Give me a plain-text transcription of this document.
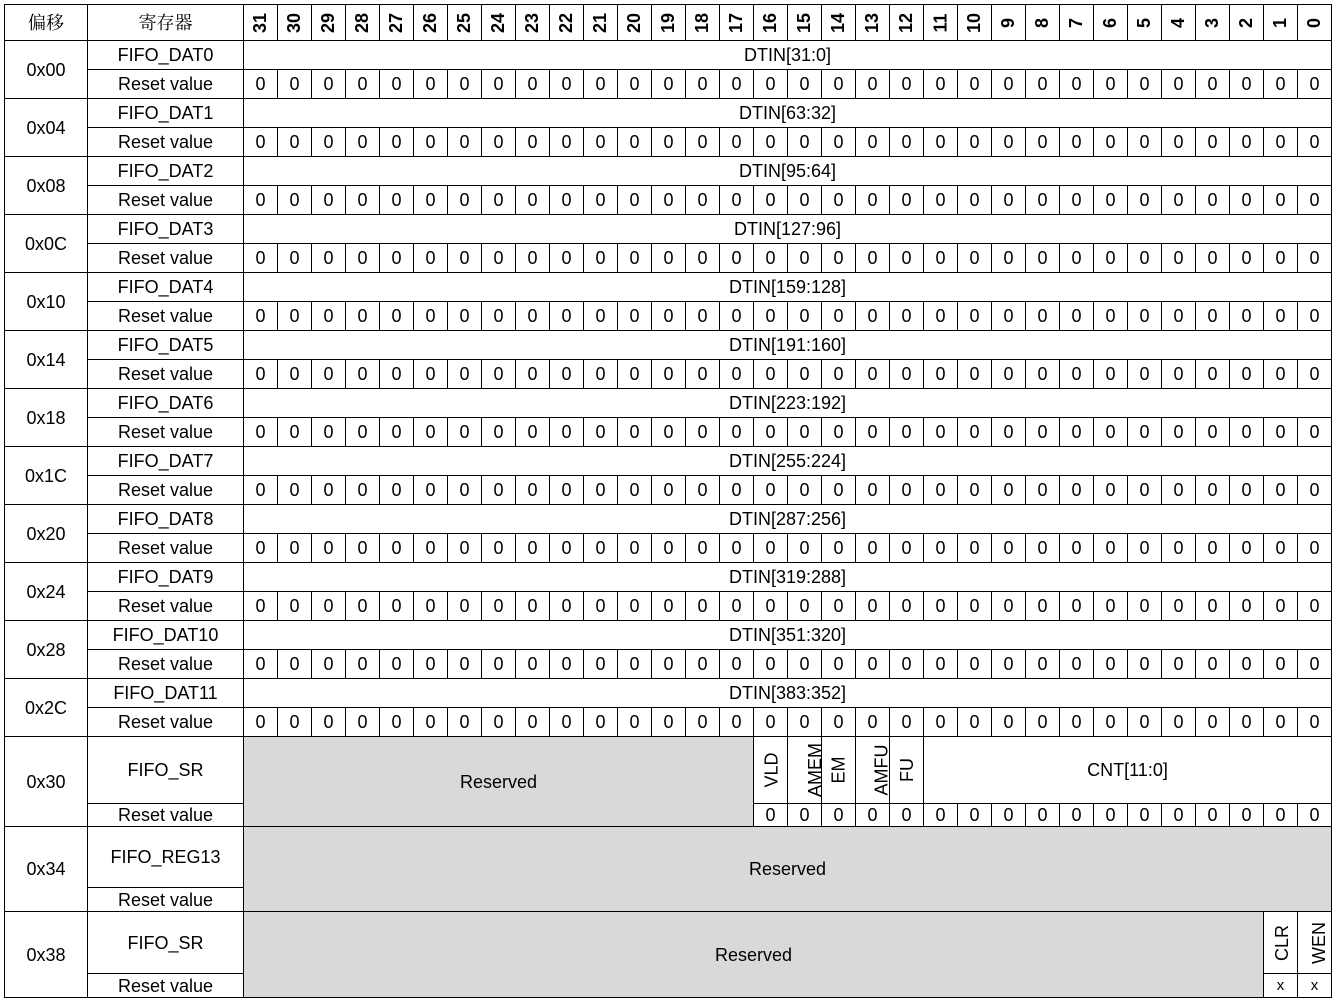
偏移	寄存器	31	30	29	28	27	26	25	24	23	22	21	20	19	18	17	16	15	14	13	12	11	10	9	8	7	6	5	4	3	2	1	0
0x00	FIFO_DAT0	DTIN[31:0]																															
	Reset value	0	0	0	0	0	0	0	0	0	0	0	0	0	0	0	0	0	0	0	0	0	0	0	0	0	0	0	0	0	0	0	0
0x04	FIFO_DAT1	DTIN[63:32]																															
	Reset value	0	0	0	0	0	0	0	0	0	0	0	0	0	0	0	0	0	0	0	0	0	0	0	0	0	0	0	0	0	0	0	0
0x08	FIFO_DAT2	DTIN[95:64]																															
	Reset value	0	0	0	0	0	0	0	0	0	0	0	0	0	0	0	0	0	0	0	0	0	0	0	0	0	0	0	0	0	0	0	0
0x0C	FIFO_DAT3	DTIN[127:96]																															
	Reset value	0	0	0	0	0	0	0	0	0	0	0	0	0	0	0	0	0	0	0	0	0	0	0	0	0	0	0	0	0	0	0	0
0x10	FIFO_DAT4	DTIN[159:128]																															
	Reset value	0	0	0	0	0	0	0	0	0	0	0	0	0	0	0	0	0	0	0	0	0	0	0	0	0	0	0	0	0	0	0	0
0x14	FIFO_DAT5	DTIN[191:160]																															
	Reset value	0	0	0	0	0	0	0	0	0	0	0	0	0	0	0	0	0	0	0	0	0	0	0	0	0	0	0	0	0	0	0	0
0x18	FIFO_DAT6	DTIN[223:192]																															
	Reset value	0	0	0	0	0	0	0	0	0	0	0	0	0	0	0	0	0	0	0	0	0	0	0	0	0	0	0	0	0	0	0	0
0x1C	FIFO_DAT7	DTIN[255:224]																															
	Reset value	0	0	0	0	0	0	0	0	0	0	0	0	0	0	0	0	0	0	0	0	0	0	0	0	0	0	0	0	0	0	0	0
0x20	FIFO_DAT8	DTIN[287:256]																															
	Reset value	0	0	0	0	0	0	0	0	0	0	0	0	0	0	0	0	0	0	0	0	0	0	0	0	0	0	0	0	0	0	0	0
0x24	FIFO_DAT9	DTIN[319:288]																															
	Reset value	0	0	0	0	0	0	0	0	0	0	0	0	0	0	0	0	0	0	0	0	0	0	0	0	0	0	0	0	0	0	0	0
0x28	FIFO_DAT10	DTIN[351:320]																															
	Reset value	0	0	0	0	0	0	0	0	0	0	0	0	0	0	0	0	0	0	0	0	0	0	0	0	0	0	0	0	0	0	0	0
0x2C	FIFO_DAT11	DTIN[383:352]																															
	Reset value	0	0	0	0	0	0	0	0	0	0	0	0	0	0	0	0	0	0	0	0	0	0	0	0	0	0	0	0	0	0	0	0
0x30	FIFO_SR	Reserved															VLD	AMEM	EM	AMFU	FU	CNT[11:0]											
	Reset value																0	0	0	0	0	0	0	0	0	0	0	0	0	0	0	0	0
0x34	FIFO_REG13	Reserved																															
	Reset value																																
0x38	FIFO_SR	Reserved																														CLR	WEN
	Reset value																															x	x
